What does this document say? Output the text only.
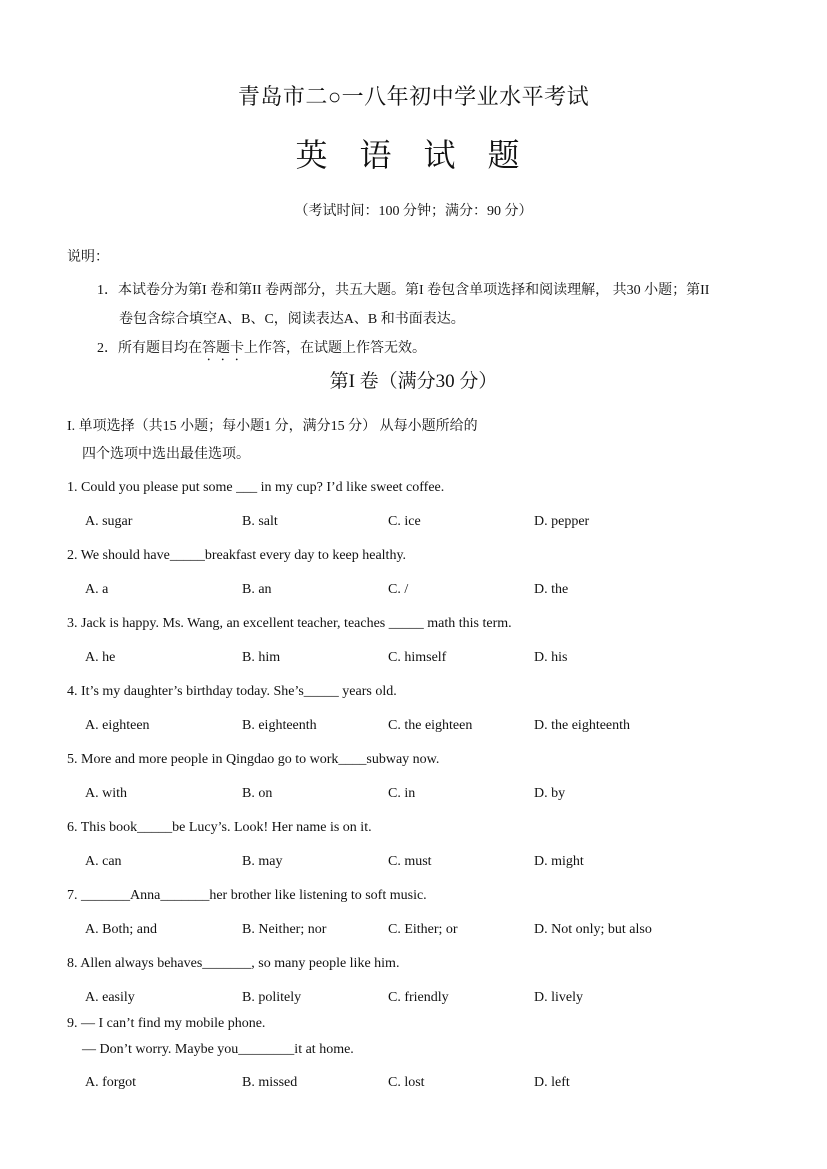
青岛市二○一八年初中学业水平考试
英 语 试 题
（考试时间：100 分钟；满分：90 分）
说明：
1．本试卷分为第I 卷和第II 卷两部分，共五大题。第I 卷包含单项选择和阅读理解， 共30 小题；第II
卷包含综合填空A、B、C，阅读表达A、B 和书面表达。
2．所有题目均在答题卡上作答，在试题上作答无效。
第I 卷（满分30 分）
I. 单项选择（共15 小题；每小题1 分，满分15 分） 从每小题所给的
四个选项中选出最佳选项。
1. Could you please put some ___ in my cup? I’d like sweet coffee.
A. sugar	B. salt	C. ice	D. pepper
2. We should have_____breakfast every day to keep healthy.
A. a	B. an	C. /	D. the
3. Jack is happy. Ms. Wang, an excellent teacher, teaches _____ math this term.
A. he	B. him	C. himself	D. his
4. It’s my daughter’s birthday today. She’s_____ years old.
A. eighteen	B. eighteenth	C. the eighteen	D. the eighteenth
5. More and more people in Qingdao go to work____subway now.
A. with	B. on	C. in	D. by
6. This book_____be Lucy’s. Look! Her name is on it.
A. can	B. may	C. must	D. might
7. _______Anna_______her brother like listening to soft music.
A. Both; and	B. Neither; nor	C. Either; or	D. Not only; but also
8. Allen always behaves_______, so many people like him.
A. easily	B. politely	C. friendly	D. lively
9. — I can’t find my mobile phone.
— Don’t worry. Maybe you________it at home.
A. forgot	B. missed	C. lost	D. left
